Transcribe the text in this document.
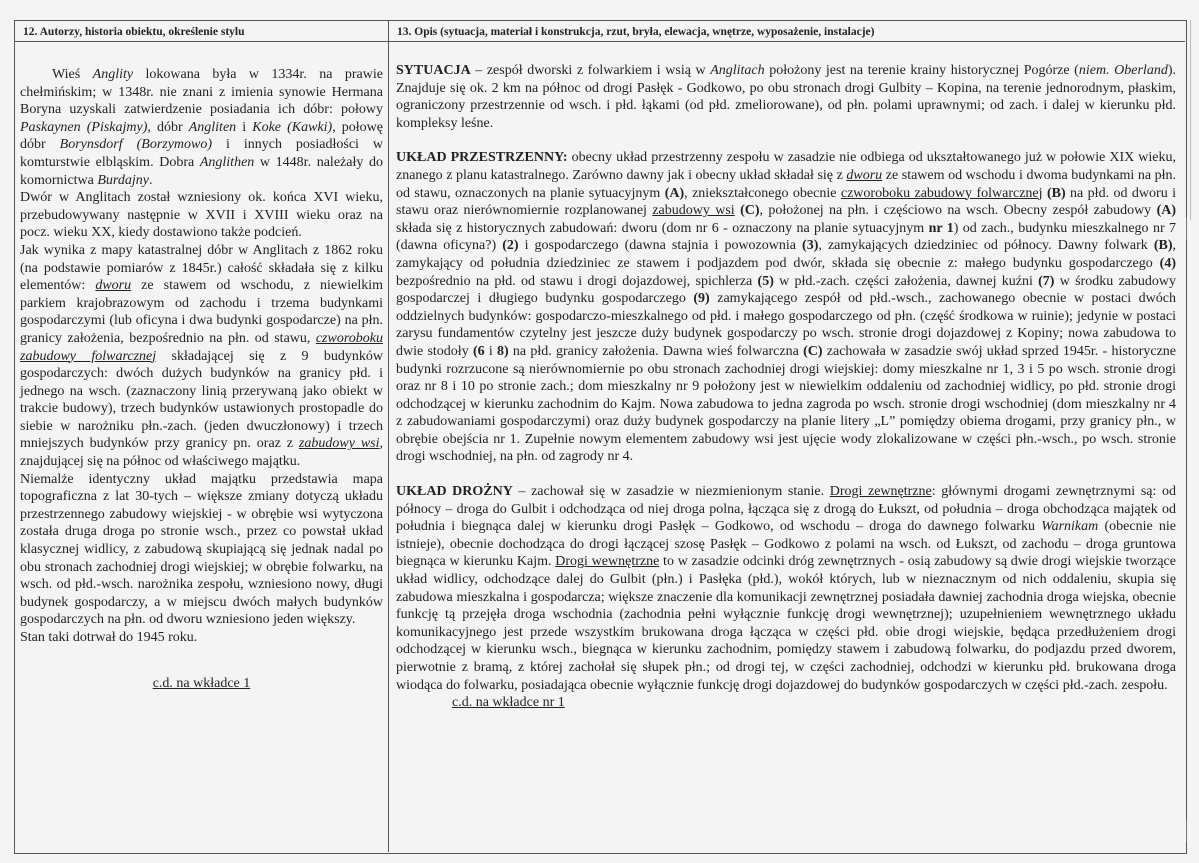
12. Autorzy, historia obiektu, określenie stylu	13. Opis (sytuacja, materiał i konstrukcja, rzut, bryła, elewacja, wnętrze, wyposażenie, instalacje)

Wieś Anglity lokowana była w 1334r. na prawie chełmińskim; w 1348r. nie znani z imienia synowie Hermana Boryna uzyskali zatwierdzenie posiadania ich dóbr: połowy Paskaynen (Piskajmy), dóbr Angliten i Koke (Kawki), połowę dóbr Borynsdorf (Borzymowo) i innych posiadłości w komturstwie elbląskim. Dobra Anglithen w 1448r. należały do komornictwa Burdajny.

Dwór w Anglitach został wzniesiony ok. końca XVI wieku, przebudowywany następnie w XVII i XVIII wieku oraz na pocz. wieku XX, kiedy dostawiono także podcień.

Jak wynika z mapy katastralnej dóbr w Anglitach z 1862 roku (na podstawie pomiarów z 1845r.) całość składała się z kilku elementów: dworu ze stawem od wschodu, z niewielkim parkiem krajobrazowym od zachodu i trzema budynkami gospodarczymi (lub oficyna i dwa budynki gospodarcze) na płn. granicy założenia, bezpośrednio na płn. od stawu, czworoboku zabudowy folwarcznej składającej się z 9 budynków gospodarczych: dwóch dużych budynków na granicy płd. i jednego na wsch. (zaznaczony linią przerywaną jako obiekt w trakcie budowy), trzech budynków ustawionych prostopadle do siebie w narożniku płn.-zach. (jeden dwuczłonowy) i trzech mniejszych budynków przy granicy pn. oraz z zabudowy wsi, znajdującej się na północ od właściwego majątku.

Niemalże identyczny układ majątku przedstawia mapa topograficzna z lat 30-tych – większe zmiany dotyczą układu przestrzennego zabudowy wiejskiej - w obrębie wsi wytyczona została druga droga po stronie wsch., przez co powstał układ klasycznej widlicy, z zabudową skupiającą się jednak nadal po obu stronach zachodniej drogi wiejskiej; w obrębie folwarku, na wsch. od płd.-wsch. narożnika zespołu, wzniesiono nowy, długi budynek gospodarczy, a w miejscu dwóch małych budynków gospodarczych na płn. od dworu wzniesiono jeden większy.

Stan taki dotrwał do 1945 roku.

c.d. na wkładce 1

SYTUACJA – zespół dworski z folwarkiem i wsią w Anglitach położony jest na terenie krainy historycznej Pogórze (niem. Oberland). Znajduje się ok. 2 km na północ od drogi Pasłęk - Godkowo, po obu stronach drogi Gulbity – Kopina, na terenie jednorodnym, płaskim, ograniczony przestrzennie od wsch. i płd. łąkami (od płd. zmeliorowane), od płn. polami uprawnymi; od zach. i dalej w kierunku płd. kompleksy leśne.

UKŁAD PRZESTRZENNY: obecny układ przestrzenny zespołu w zasadzie nie odbiega od ukształtowanego już w połowie XIX wieku, znanego z planu katastralnego. Zarówno dawny jak i obecny układ składał się z dworu ze stawem od wschodu i dwoma budynkami na płn. od stawu, oznaczonych na planie sytuacyjnym (A), zniekształconego obecnie czworoboku zabudowy folwarcznej (B) na płd. od dworu i stawu oraz nierównomiernie rozplanowanej zabudowy wsi (C), położonej na płn. i częściowo na wsch. Obecny zespół zabudowy (A) składa się z historycznych zabudowań: dworu (dom nr 6 - oznaczony na planie sytuacyjnym nr 1) od zach., budynku mieszkalnego nr 7 (dawna oficyna?) (2) i gospodarczego (dawna stajnia i powozownia (3), zamykających dziedziniec od północy. Dawny folwark (B), zamykający od południa dziedziniec ze stawem i podjazdem pod dwór, składa się obecnie z: małego budynku gospodarczego (4) bezpośrednio na płd. od stawu i drogi dojazdowej, spichlerza (5) w płd.-zach. części założenia, dawnej kuźni (7) w środku zabudowy gospodarczej i długiego budynku gospodarczego (9) zamykającego zespół od płd.-wsch., zachowanego obecnie w postaci dwóch oddzielnych budynków: gospodarczo-mieszkalnego od płd. i małego gospodarczego od płn. (część środkowa w ruinie); jedynie w postaci zarysu fundamentów czytelny jest jeszcze duży budynek gospodarczy po wsch. stronie drogi dojazdowej z Kopiny; nowa zabudowa to dwie stodoły (6 i 8) na płd. granicy założenia. Dawna wieś folwarczna (C) zachowała w zasadzie swój układ sprzed 1945r. - historyczne budynki rozrzucone są nierównomiernie po obu stronach zachodniej drogi wiejskiej: domy mieszkalne nr 1, 3 i 5 po wsch. stronie drogi oraz nr 8 i 10 po stronie zach.; dom mieszkalny nr 9 położony jest w niewielkim oddaleniu od zachodniej widlicy, po płd. stronie drogi odchodzącej w kierunku zachodnim do Kajm. Nowa zabudowa to jedna zagroda po wsch. stronie drogi wschodniej (dom mieszkalny nr 4 z zabudowaniami gospodarczymi) oraz duży budynek gospodarczy na planie litery „L” pomiędzy obiema drogami, przy granicy płn., w obrębie obejścia nr 1. Zupełnie nowym elementem zabudowy wsi jest ujęcie wody zlokalizowane w części płn.-wsch., po wsch. stronie drogi wschodniej, na płn. od zagrody nr 4.

UKŁAD DROŻNY – zachował się w zasadzie w niezmienionym stanie. Drogi zewnętrzne: głównymi drogami zewnętrznymi są: od północy – droga do Gulbit i odchodząca od niej droga polna, łącząca się z drogą do Łukszt, od południa – droga obchodząca majątek od południa i biegnąca dalej w kierunku drogi Pasłęk – Godkowo, od wschodu – droga do dawnego folwarku Warnikam (obecnie nie istnieje), obecnie dochodząca do drogi łączącej szosę Pasłęk – Godkowo z polami na wsch. od Łukszt, od zachodu – droga gruntowa biegnąca w kierunku Kajm. Drogi wewnętrzne to w zasadzie odcinki dróg zewnętrznych - osią zabudowy są dwie drogi wiejskie tworzące układ widlicy, odchodzące dalej do Gulbit (płn.) i Pasłęka (płd.), wokół których, lub w nieznacznym od nich oddaleniu, skupia się zabudowa mieszkalna i gospodarcza; większe znaczenie dla komunikacji zewnętrznej posiadała dawniej zachodnia droga wiejska, obecnie funkcję tą przejęła droga wschodnia (zachodnia pełni wyłącznie funkcję drogi wewnętrznej); uzupełnieniem wewnętrznego układu komunikacyjnego jest przede wszystkim brukowana droga łącząca w części płd. obie drogi wiejskie, będąca przedłużeniem drogi odchodzącej w kierunku wsch., biegnąca w kierunku zachodnim, pomiędzy stawem i zabudową folwarku, do podjazdu przed dworem, pierwotnie z bramą, z której zachołał się słupek płn.; od drogi tej, w części zachodniej, odchodzi w kierunku płd. brukowana droga wiodąca do folwarku, posiadająca obecnie wyłącznie funkcję drogi dojazdowej do budynków gospodarczych w części płd.-zach. zespołu.

c.d. na wkładce nr 1
